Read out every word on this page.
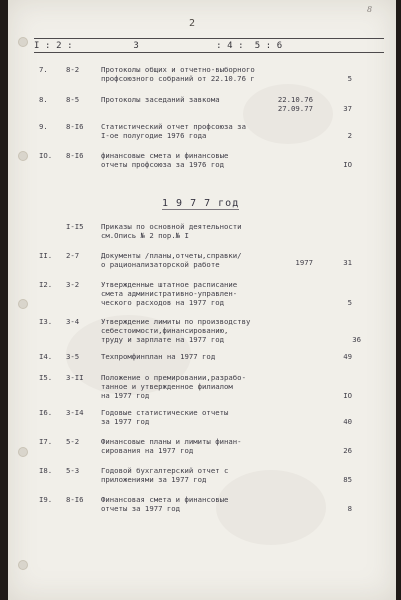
2
8
I : 2 :           3              : 4 :  5 : 6
1 9 7 7 год
7.	8-2	Протоколы общих и отчетно-выборного
профсоюзного собраний от 22.10.76 г	5
8.	8-5	Протоколы заседаний завкома	22.10.76
27.09.77	37
9.	8-I6	Статистический отчет профсоюза за
I-ое полугодие 1976 года	2
IO.	8-I6	финансовые смета и финансовые
отчеты профсоюза за 1976 год	IO
I-I5	Приказы по основной деятельности
см.Опись № 2 пор.№ I
II.	2-7	Документы /планы,отчеты,справки/
о рационализаторской работе	1977	31
I2.	3-2	Утвержденные штатное расписание
смета административно-управлен-
ческого расходов на 1977 год	5
I3.	3-4	Утверждение лимиты по производству
себестоимости,финансированию,
труду и зарплате на 1977 год	36
I4.	3-5	Техпромфинплан на 1977 год	49
I5.	3-II	Положение о премировании,разрабо-
танное и утвержденное филиалом
на 1977 год	IO
I6.	3-I4	Годовые статистические отчеты
за 1977 год	40
I7.	5-2	Финансовые планы и лимиты финан-
сирования на 1977 год	26
I8.	5-3	Годовой бухгалтерский отчет с
приложениями за 1977 год	85
I9.	8-I6	Финансовая смета и финансовые
отчеты за 1977 год	8
